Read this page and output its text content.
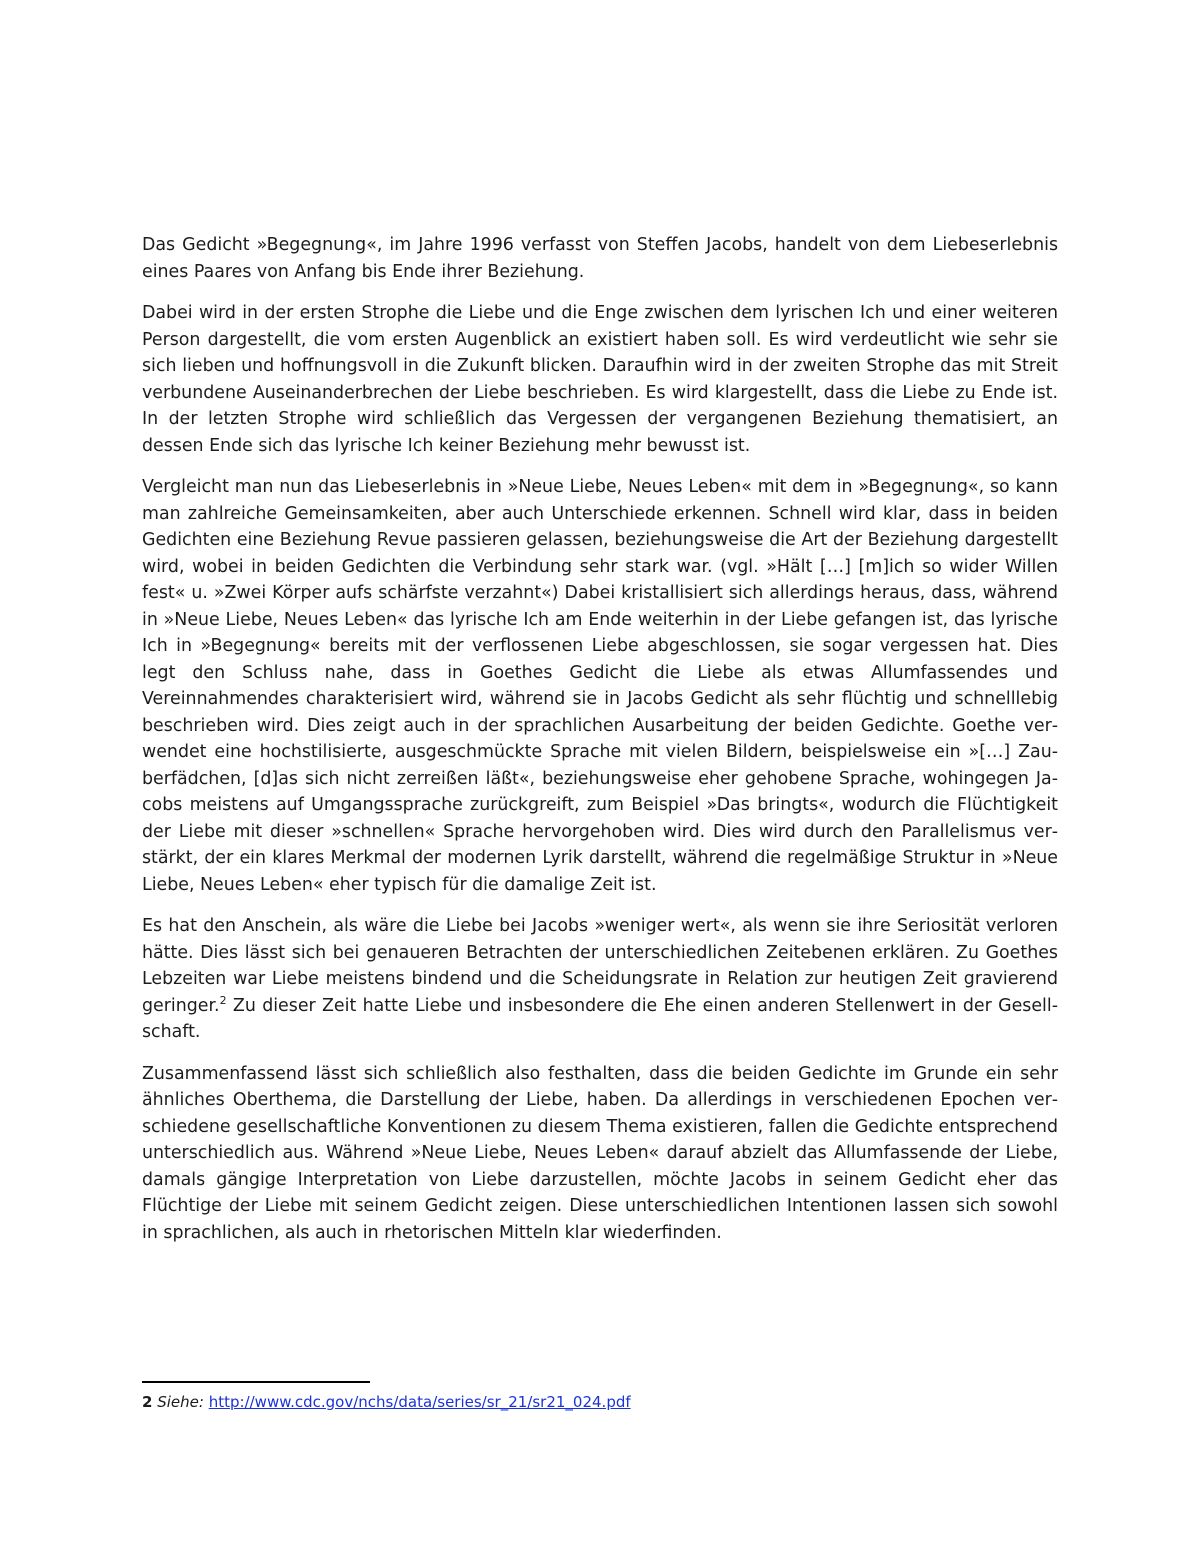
Das Gedicht »Begegnung«, im Jahre 1996 verfasst von Steffen Jacobs, handelt von dem Liebeserlebnis eines Paares von Anfang bis Ende ihrer Beziehung.

Dabei wird in der ersten Strophe die Liebe und die Enge zwischen dem lyrischen Ich und einer weiteren Person dargestellt, die vom ersten Augenblick an existiert haben soll. Es wird verdeutlicht wie sehr sie sich lieben und hoffnungsvoll in die Zukunft blicken. Daraufhin wird in der zweiten Strophe das mit Streit verbundene Auseinanderbrechen der Liebe beschrieben. Es wird klargestellt, dass die Liebe zu Ende ist. In der letzten Strophe wird schließlich das Vergessen der vergangenen Beziehung thematisiert, an dessen Ende sich das lyrische Ich keiner Beziehung mehr bewusst ist.

Vergleicht man nun das Liebeserlebnis in »Neue Liebe, Neues Leben« mit dem in »Begegnung«, so kann man zahlreiche Gemeinsamkeiten, aber auch Unterschiede erkennen. Schnell wird klar, dass in beiden Gedichten eine Beziehung Revue passieren gelassen, beziehungsweise die Art der Beziehung dargestellt wird, wobei in beiden Gedichten die Verbindung sehr stark war. (vgl. »Hält […] [m]ich so wider Willen fest« u. »Zwei Körper aufs schärfste verzahnt«) Dabei kristallisiert sich allerdings heraus, dass, während in »Neue Liebe, Neues Leben« das lyrische Ich am Ende weiterhin in der Liebe gefangen ist, das lyrische Ich in »Begegnung« bereits mit der verflossenen Liebe abgeschlossen, sie sogar vergessen hat. Dies legt den Schluss nahe, dass in Goethes Gedicht die Liebe als etwas Allumfassendes und Vereinnahmendes charakterisiert wird, während sie in Jacobs Gedicht als sehr flüchtig und schnelllebig beschrieben wird. Dies zeigt auch in der sprachlichen Ausarbeitung der beiden Gedichte. Goethe verwendet eine hochstilisierte, ausgeschmückte Sprache mit vielen Bildern, beispielsweise ein »[…] Zauberfädchen, [d]as sich nicht zerreißen läßt«, beziehungsweise eher gehobene Sprache, wohingegen Jacobs meistens auf Umgangssprache zurückgreift, zum Beispiel »Das bringts«, wodurch die Flüchtigkeit der Liebe mit dieser »schnellen« Sprache hervorgehoben wird. Dies wird durch den Parallelismus verstärkt, der ein klares Merkmal der modernen Lyrik darstellt, während die regelmäßige Struktur in »Neue Liebe, Neues Leben« eher typisch für die damalige Zeit ist.

Es hat den Anschein, als wäre die Liebe bei Jacobs »weniger wert«, als wenn sie ihre Seriosität verloren hätte. Dies lässt sich bei genaueren Betrachten der unterschiedlichen Zeitebenen erklären. Zu Goethes Lebzeiten war Liebe meistens bindend und die Scheidungsrate in Relation zur heutigen Zeit gravierend geringer.$^2$ Zu dieser Zeit hatte Liebe und insbesondere die Ehe einen anderen Stellenwert in der Gesellschaft.

Zusammenfassend lässt sich schließlich also festhalten, dass die beiden Gedichte im Grunde ein sehr ähnliches Oberthema, die Darstellung der Liebe, haben. Da allerdings in verschiedenen Epochen verschiedene gesellschaftliche Konventionen zu diesem Thema existieren, fallen die Gedichte entsprechend unterschiedlich aus. Während »Neue Liebe, Neues Leben« darauf abzielt das Allumfassende der Liebe, damals gängige Interpretation von Liebe darzustellen, möchte Jacobs in seinem Gedicht eher das Flüchtige der Liebe mit seinem Gedicht zeigen. Diese unterschiedlichen Intentionen lassen sich sowohl in sprachlichen, als auch in rhetorischen Mitteln klar wiederfinden.

2 Siehe: http://www.cdc.gov/nchs/data/series/sr_21/sr21_024.pdf
